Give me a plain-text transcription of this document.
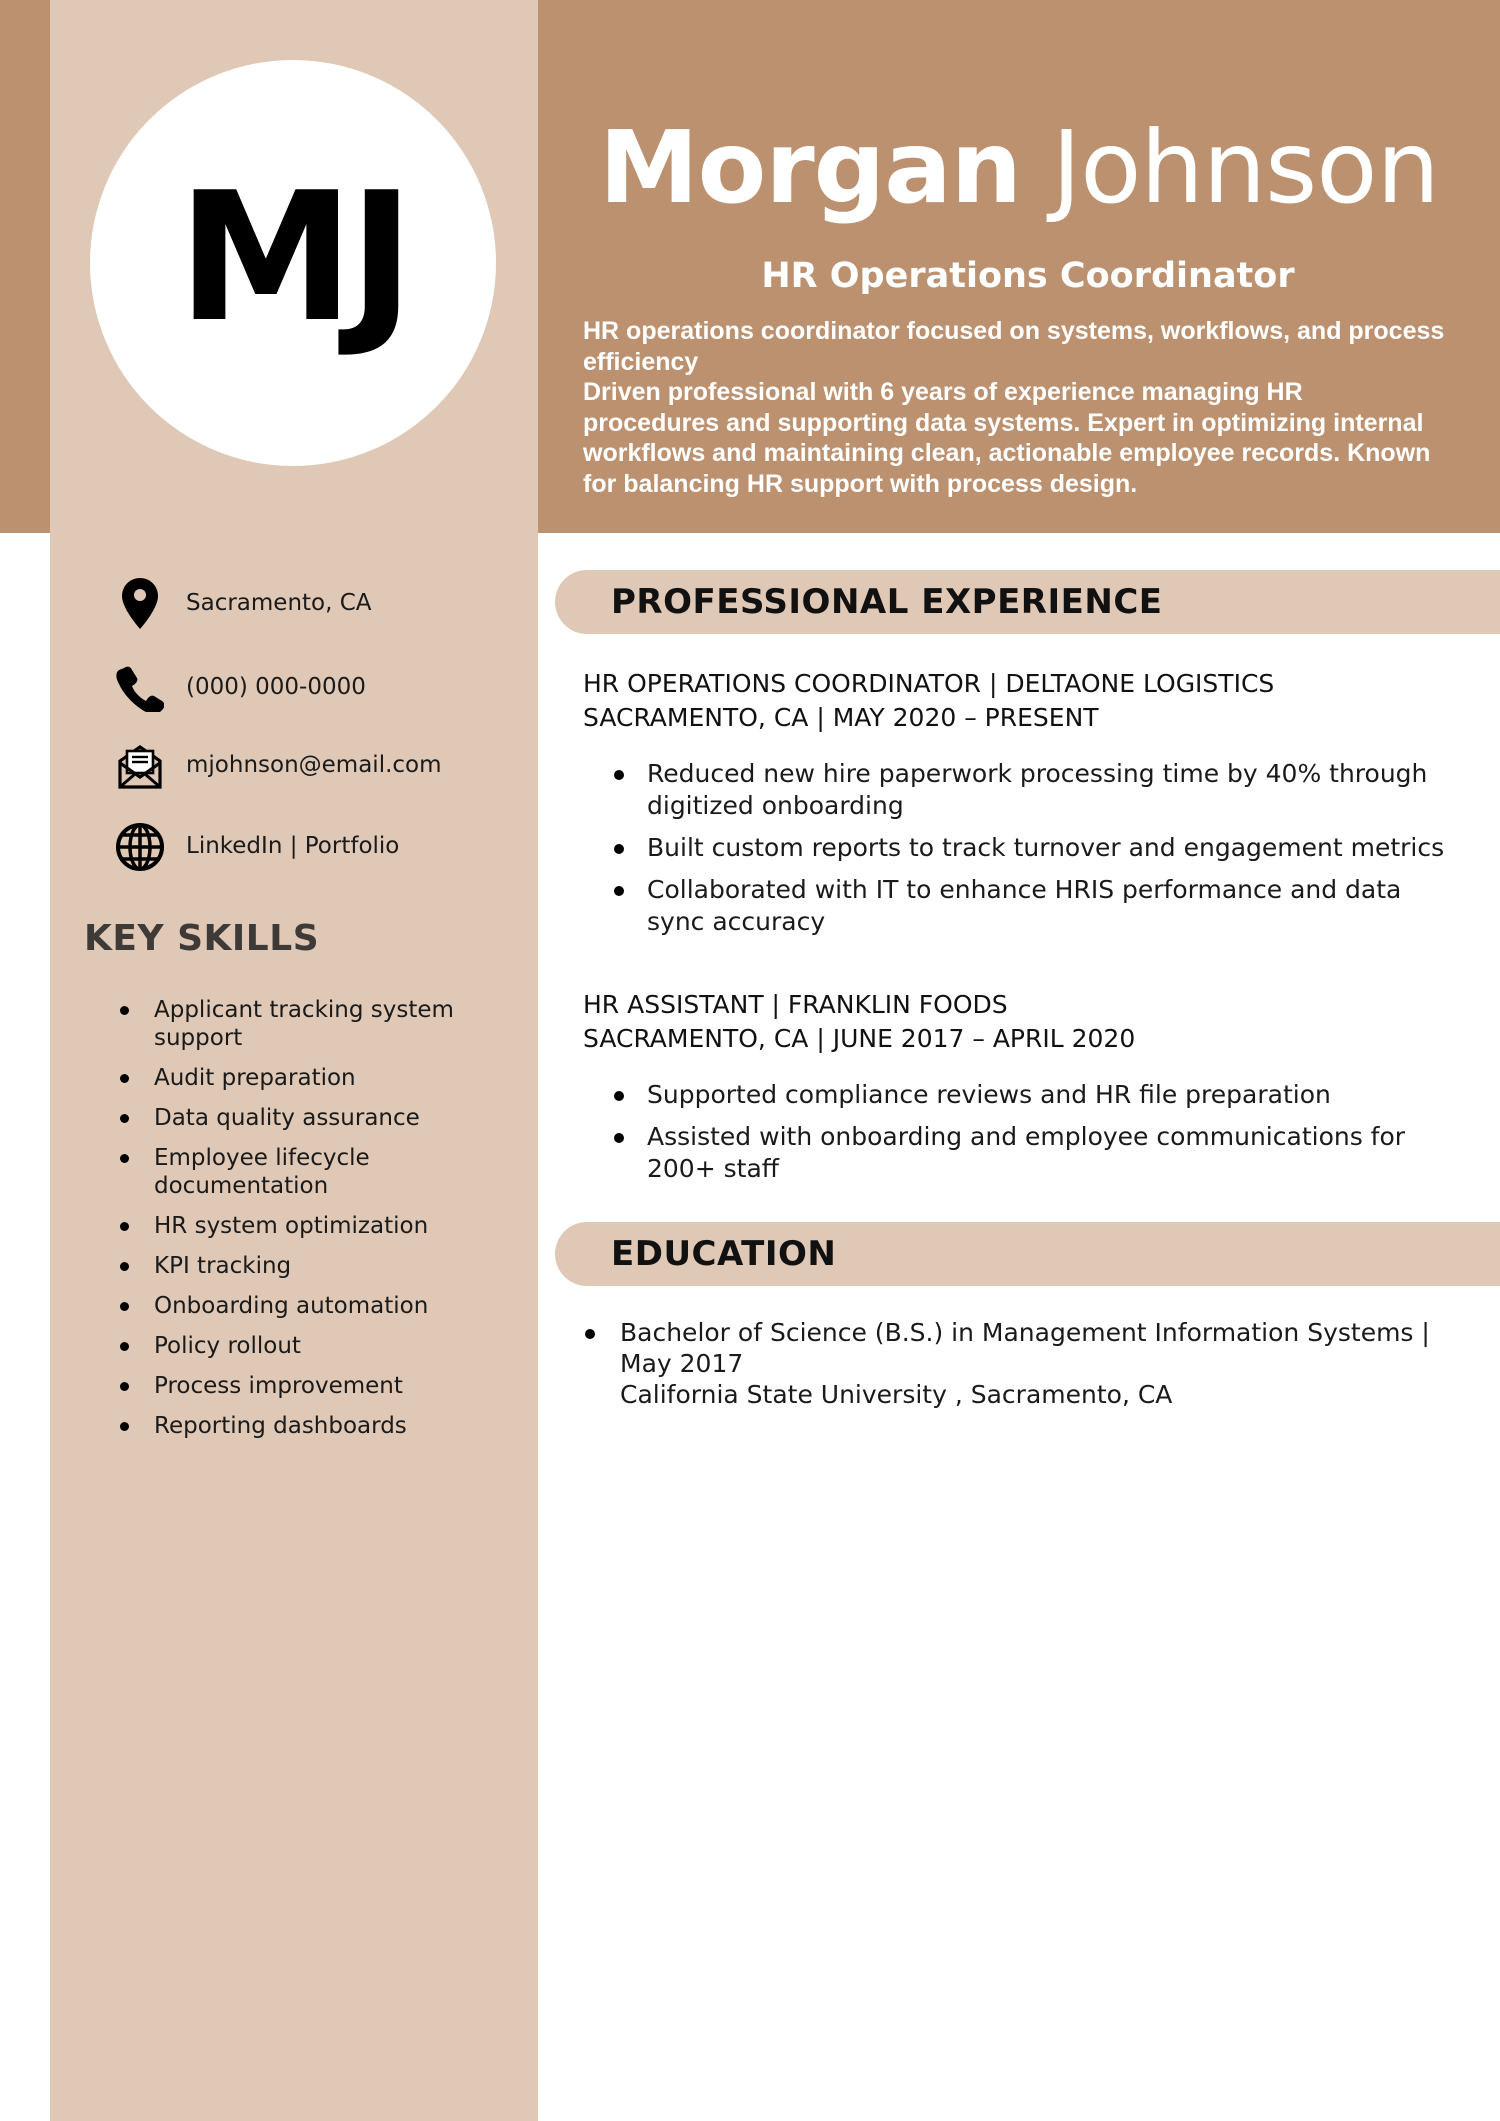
MJ	Morgan Johnson
HR Operations Coordinator
HR operations coordinator focused on systems, workflows, and process
efficiency
Driven professional with 6 years of experience managing HR
procedures and supporting data systems. Expert in optimizing internal
workflows and maintaining clean, actionable employee records. Known
for balancing HR support with process design.
Sacramento, CA
(000) 000-0000
mjohnson@email.com
LinkedIn | Portfolio
KEY SKILLS
Applicant tracking system support
Audit preparation
Data quality assurance
Employee lifecycle documentation
HR system optimization
KPI tracking
Onboarding automation
Policy rollout
Process improvement
Reporting dashboards
PROFESSIONAL EXPERIENCE
HR OPERATIONS COORDINATOR | DELTAONE LOGISTICS
SACRAMENTO, CA | MAY 2020 – PRESENT
Reduced new hire paperwork processing time by 40% through digitized onboarding
Built custom reports to track turnover and engagement metrics
Collaborated with IT to enhance HRIS performance and data sync accuracy
HR ASSISTANT | FRANKLIN FOODS
SACRAMENTO, CA | JUNE 2017 – APRIL 2020
Supported compliance reviews and HR file preparation
Assisted with onboarding and employee communications for 200+ staff
EDUCATION
Bachelor of Science (B.S.) in Management Information Systems | May 2017
California State University , Sacramento, CA
